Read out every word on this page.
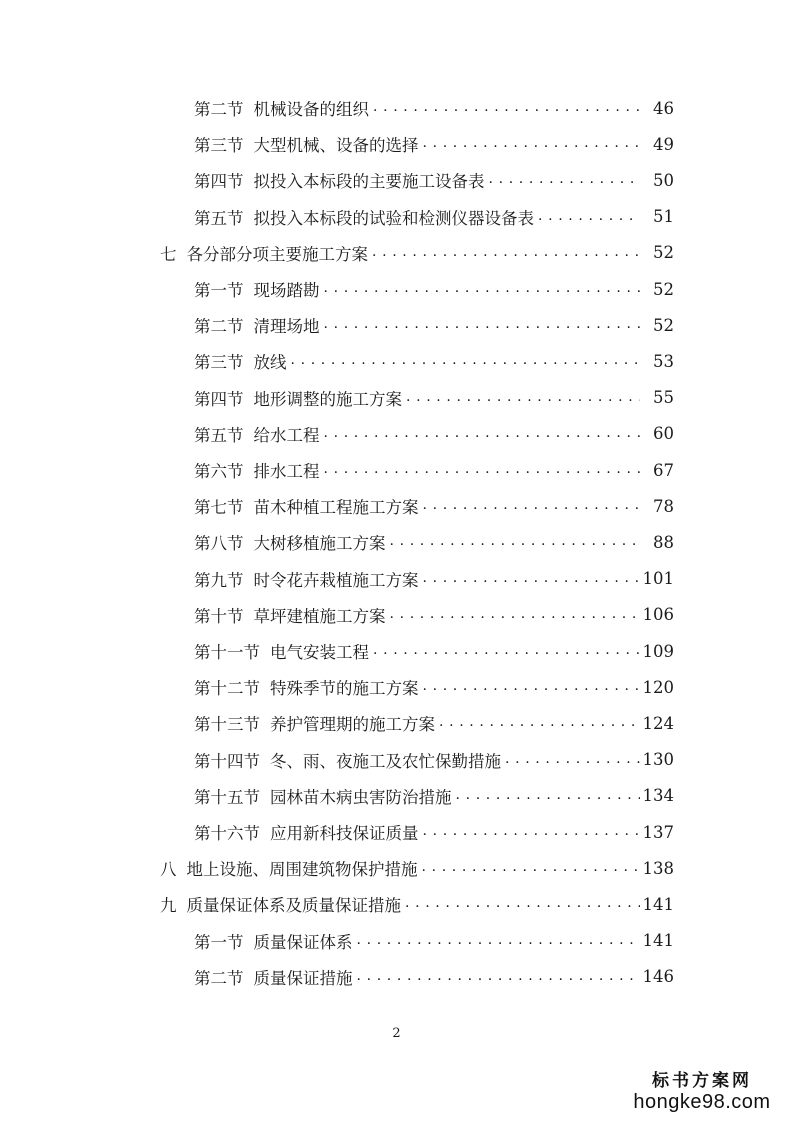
第二节 机械设备的组织 . . .	46
第三节 大型机械、设备的选择 . . .	49
第四节 拟投入本标段的主要施工设备表 . . .	50
第五节 拟投入本标段的试验和检测仪器设备表 . . .	51
七 各分部分项主要施工方案 . . .	52
第一节 现场踏勘 . . .	52
第二节 清理场地 . . .	52
第三节 放线 . . .	53
第四节 地形调整的施工方案 . . .	55
第五节 给水工程 . . .	60
第六节 排水工程 . . .	67
第七节 苗木种植工程施工方案 . . .	78
第八节 大树移植施工方案 . . .	88
第九节 时令花卉栽植施工方案 . . .	101
第十节 草坪建植施工方案 . . .	106
第十一节 电气安装工程 . . .	109
第十二节 特殊季节的施工方案 . . .	120
第十三节 养护管理期的施工方案 . . .	124
第十四节 冬、雨、夜施工及农忙保勤措施 . . .	130
第十五节 园林苗木病虫害防治措施 . . .	134
第十六节 应用新科技保证质量 . . .	137
八 地上设施、周围建筑物保护措施 . . .	138
九 质量保证体系及质量保证措施 . . .	141
第一节 质量保证体系 . . .	141
第二节 质量保证措施 . . .	146
2
标书方案网
hongke98.com
